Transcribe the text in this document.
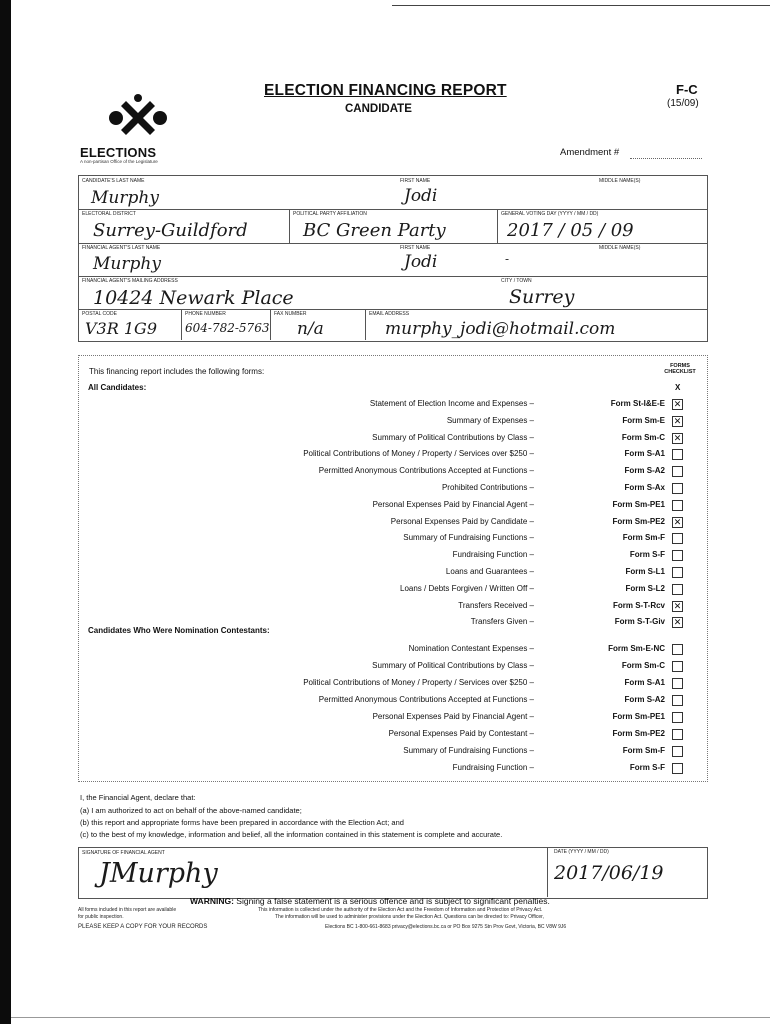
ELECTIONS
A non-partisan Office of the Legislature
ELECTION FINANCING REPORT
CANDIDATE
F-C
(15/09)
Amendment #
CANDIDATE'S LAST NAME
Murphy
FIRST NAME
Jodi
MIDDLE NAME(S)
ELECTORAL DISTRICT
Surrey-Guildford
POLITICAL PARTY AFFILIATION
BC Green Party
GENERAL VOTING DAY (YYYY / MM / DD)
2017 / 05 / 09
FINANCIAL AGENT'S LAST NAME
Murphy
FIRST NAME
Jodi	-
MIDDLE NAME(S)
FINANCIAL AGENT'S MAILING ADDRESS
10424 Newark Place
CITY / TOWN
Surrey
POSTAL CODE
V3R 1G9
PHONE NUMBER
604-782-5763
FAX NUMBER
n/a
EMAIL ADDRESS
murphy_jodi@hotmail.com
This financing report includes the following forms:
FORMS CHECKLIST
X
All Candidates:
Statement of Election Income and Expenses –	Form St-I&E-E ✕
Summary of Expenses –	Form Sm-E ✕
Summary of Political Contributions by Class –	Form Sm-C ✕
Political Contributions of Money / Property / Services over $250 –	Form S-A1
Permitted Anonymous Contributions Accepted at Functions –	Form S-A2
Prohibited Contributions –	Form S-Ax
Personal Expenses Paid by Financial Agent –	Form Sm-PE1
Personal Expenses Paid by Candidate –	Form Sm-PE2 ✕
Summary of Fundraising Functions –	Form Sm-F
Fundraising Function –	Form S-F
Loans and Guarantees –	Form S-L1
Loans / Debts Forgiven / Written Off –	Form S-L2
Transfers Received –	Form S-T-Rcv ✕
Transfers Given –	Form S-T-Giv ✕
Candidates Who Were Nomination Contestants:
Nomination Contestant Expenses –	Form Sm-E-NC
Summary of Political Contributions by Class –	Form Sm-C
Political Contributions of Money / Property / Services over $250 –	Form S-A1
Permitted Anonymous Contributions Accepted at Functions –	Form S-A2
Personal Expenses Paid by Financial Agent –	Form Sm-PE1
Personal Expenses Paid by Contestant –	Form Sm-PE2
Summary of Fundraising Functions –	Form Sm-F
Fundraising Function –	Form S-F
I, the Financial Agent, declare that:
(a) I am authorized to act on behalf of the above-named candidate;
(b) this report and appropriate forms have been prepared in accordance with the Election Act; and
(c) to the best of my knowledge, information and belief, all the information contained in this statement is complete and accurate.
SIGNATURE OF FINANCIAL AGENT
JMurphy
DATE (YYYY / MM / DD)
2017/06/19
WARNING: Signing a false statement is a serious offence and is subject to significant penalties.
All forms included in this report are available
for public inspection.
PLEASE KEEP A COPY FOR YOUR RECORDS
This information is collected under the authority of the Election Act and the Freedom of Information and Protection of Privacy Act.
The information will be used to administer provisions under the Election Act. Questions can be directed to: Privacy Officer,
Elections BC 1-800-661-8683 privacy@elections.bc.ca or PO Box 9275 Stn Prov Govt, Victoria, BC V8W 9J6
